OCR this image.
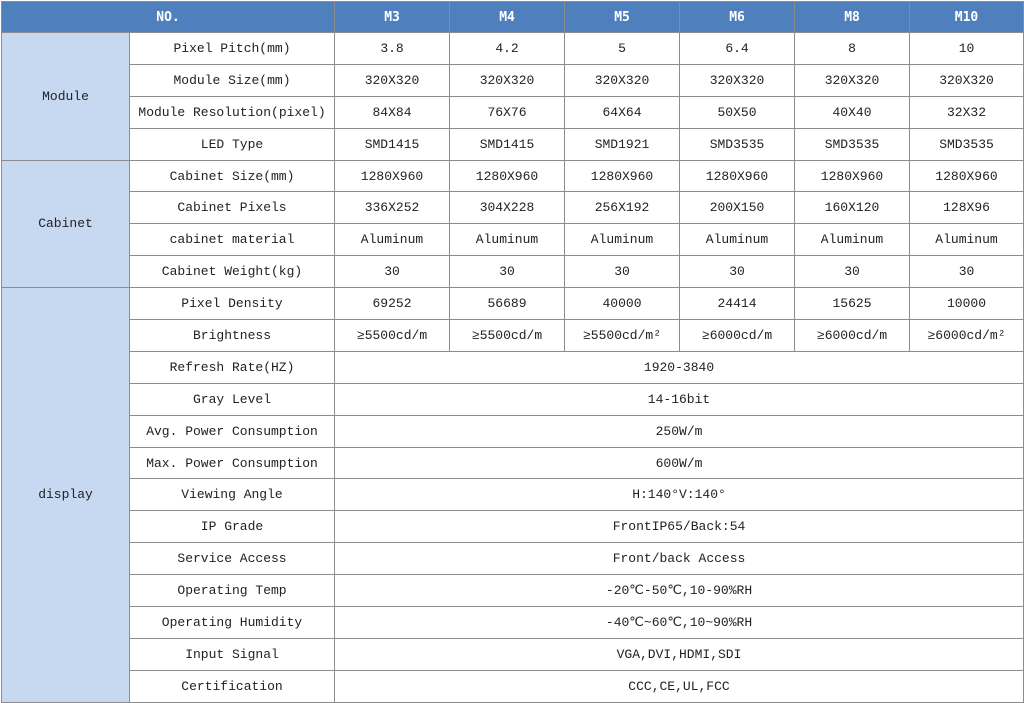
NO.		M3	M4	M5	M6	M8	M10
Module	Pixel Pitch(mm)	3.8	4.2	5	6.4	8	10
	Module Size(mm)	320X320	320X320	320X320	320X320	320X320	320X320
	Module Resolution(pixel)	84X84	76X76	64X64	50X50	40X40	32X32
	LED Type	SMD1415	SMD1415	SMD1921	SMD3535	SMD3535	SMD3535
Cabinet	Cabinet Size(mm)	1280X960	1280X960	1280X960	1280X960	1280X960	1280X960
	Cabinet Pixels	336X252	304X228	256X192	200X150	160X120	128X96
	cabinet material	Aluminum	Aluminum	Aluminum	Aluminum	Aluminum	Aluminum
	Cabinet Weight(kg)	30	30	30	30	30	30
display	Pixel Density	69252	56689	40000	24414	15625	10000
	Brightness	≥5500cd/m	≥5500cd/m	≥5500cd/m²	≥6000cd/m	≥6000cd/m	≥6000cd/m²
	Refresh Rate(HZ)	1920-3840					
	Gray Level	14-16bit					
	Avg. Power Consumption	250W/m					
	Max. Power Consumption	600W/m					
	Viewing Angle	H:140°V:140°					
	IP Grade	FrontIP65/Back:54					
	Service Access	Front/back Access					
	Operating Temp	-20℃-50℃,10-90%RH					
	Operating Humidity	-40℃~60℃,10~90%RH					
	Input Signal	VGA,DVI,HDMI,SDI					
	Certification	CCC,CE,UL,FCC					
